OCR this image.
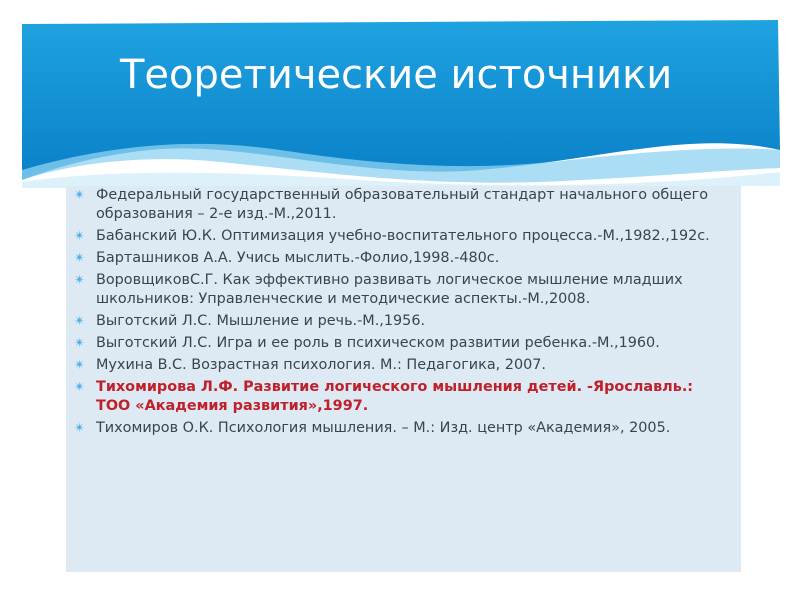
Теоретические источники
✴ Федеральный государственный образовательный стандарт начального общего образования – 2-е изд.-М.,2011.
✴ Бабанский Ю.К. Оптимизация учебно-воспитательного процесса.-М.,1982.,192с.
✴ Барташников А.А. Учись мыслить.-Фолио,1998.-480с.
✴ ВоровщиковС.Г. Как эффективно развивать логическое мышление младших школьников: Управленческие и методические аспекты.-М.,2008.
✴ Выготский Л.С. Мышление и речь.-М.,1956.
✴ Выготский Л.С. Игра и ее роль в психическом развитии ребенка.-М.,1960.
✴ Мухина В.С. Возрастная психология. М.: Педагогика, 2007.
✴ Тихомирова Л.Ф. Развитие логического мышления детей. -Ярославль.: ТОО «Академия развития»,1997.
✴ Тихомиров О.К. Психология мышления. – М.: Изд. центр «Академия», 2005.
